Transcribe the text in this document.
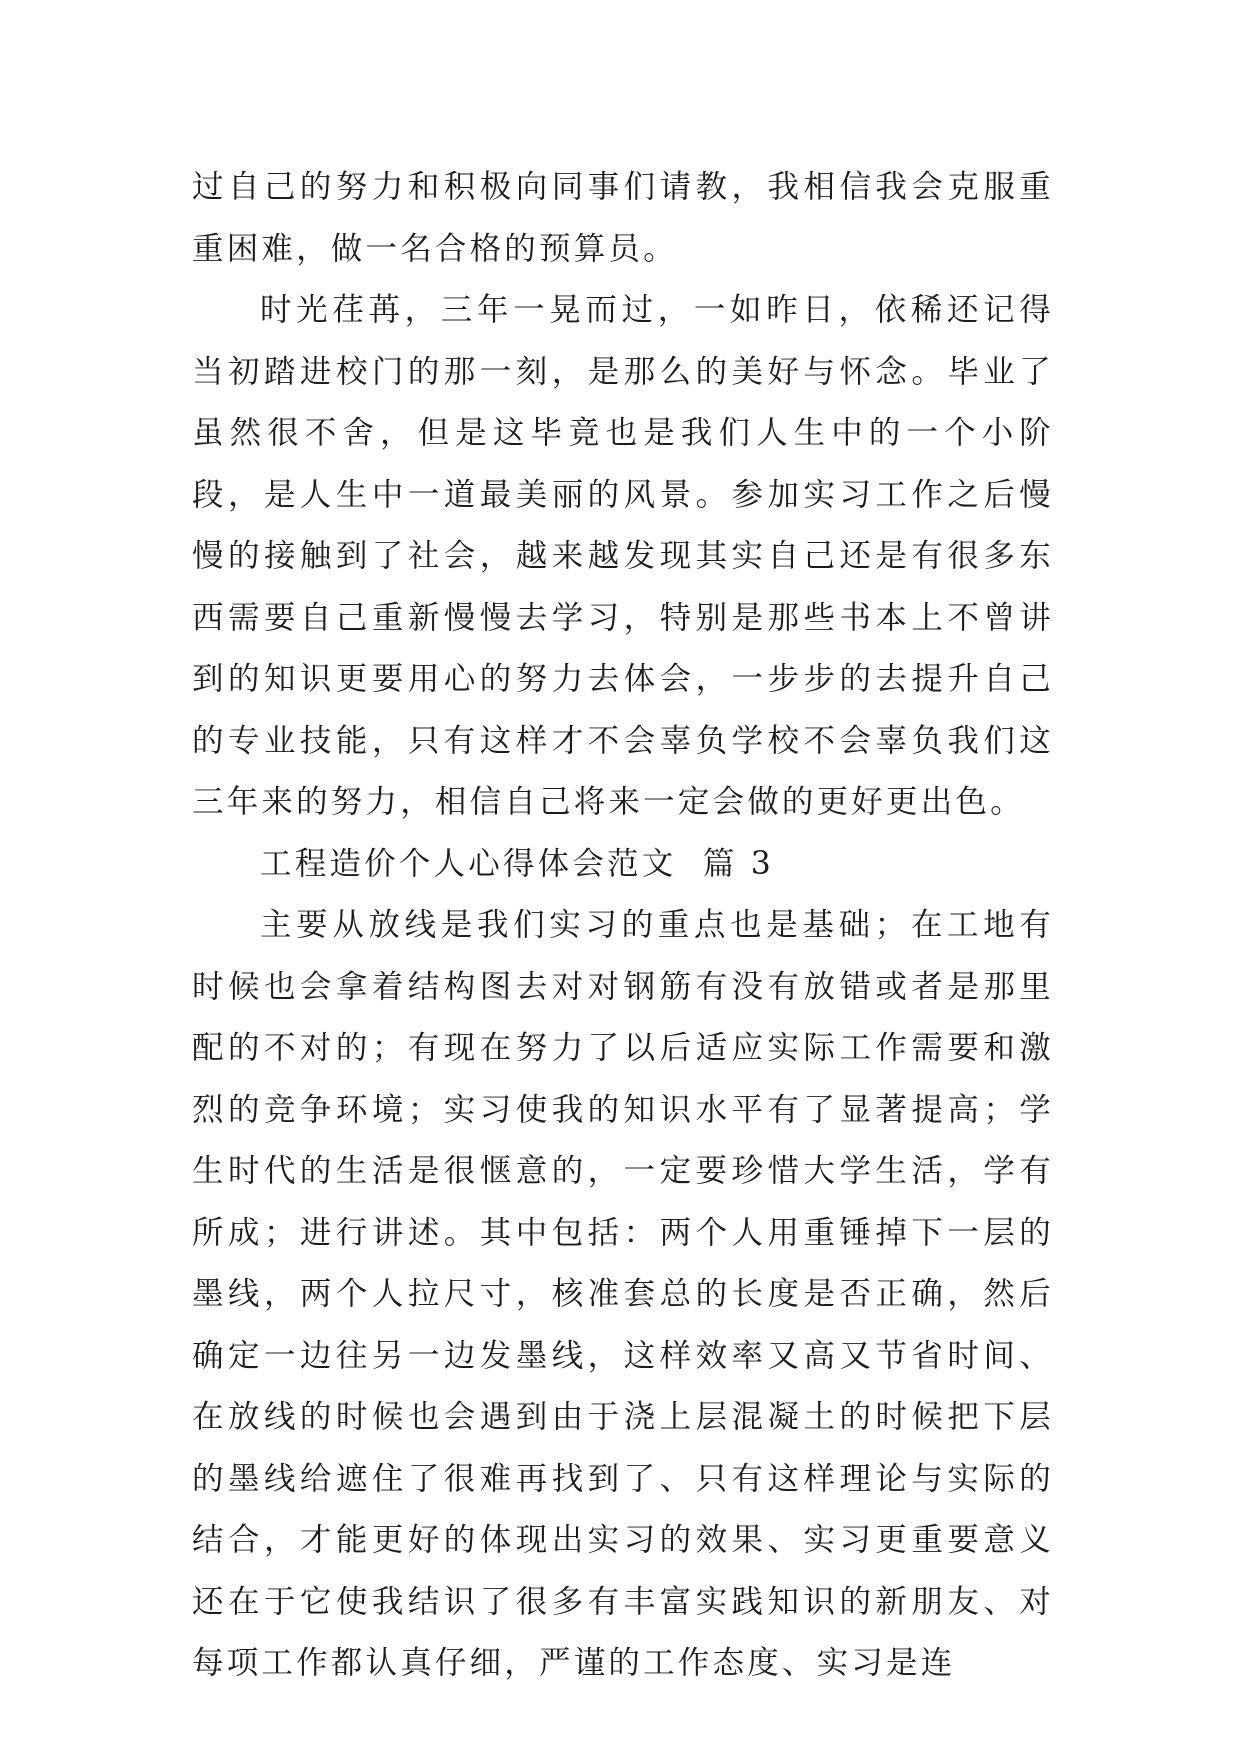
过自己的努力和积极向同事们请教，我相信我会克服重重困难，做一名合格的预算员。

时光荏苒，三年一晃而过，一如昨日，依稀还记得当初踏进校门的那一刻，是那么的美好与怀念。毕业了虽然很不舍，但是这毕竟也是我们人生中的一个小阶段，是人生中一道最美丽的风景。参加实习工作之后慢慢的接触到了社会，越来越发现其实自己还是有很多东西需要自己重新慢慢去学习，特别是那些书本上不曾讲到的知识更要用心的努力去体会，一步步的去提升自己的专业技能，只有这样才不会辜负学校不会辜负我们这三年来的努力，相信自己将来一定会做的更好更出色。

工程造价个人心得体会范文  篇 3

主要从放线是我们实习的重点也是基础；在工地有时候也会拿着结构图去对对钢筋有没有放错或者是那里配的不对的；有现在努力了以后适应实际工作需要和激烈的竞争环境；实习使我的知识水平有了显著提高；学生时代的生活是很惬意的，一定要珍惜大学生活，学有所成；进行讲述。其中包括：两个人用重锤掉下一层的墨线，两个人拉尺寸，核准套总的长度是否正确，然后确定一边往另一边发墨线，这样效率又高又节省时间、在放线的时候也会遇到由于浇上层混凝土的时候把下层的墨线给遮住了很难再找到了、只有这样理论与实际的结合，才能更好的体现出实习的效果、实习更重要意义还在于它使我结识了很多有丰富实践知识的新朋友、对每项工作都认真仔细，严谨的工作态度、实习是连
